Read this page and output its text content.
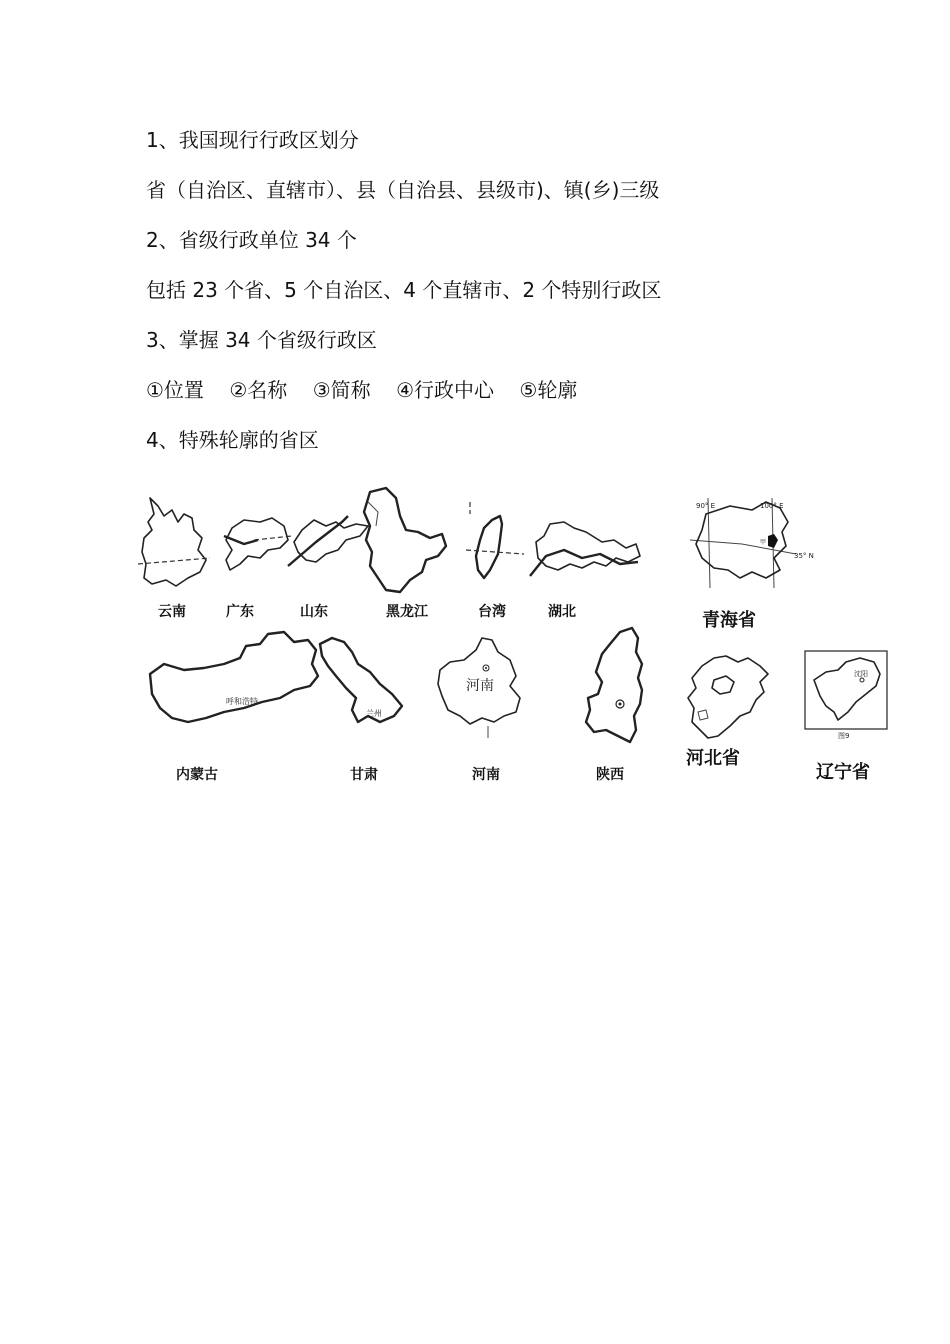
1、我国现行行政区划分
省（自治区、直辖市）、县（自治县、县级市)、镇(乡)三级
2、省级行政单位 34 个
包括 23 个省、5 个自治区、4 个直辖市、2 个特别行政区
3、掌握 34 个省级行政区
①位置    ②名称    ③简称    ④行政中心    ⑤轮廓
4、特殊轮廓的省区
云南	广东	山东	黑龙江	台湾	湖北
90° E	100° E
35° N
甲
青海省
呼和浩特
内蒙古
兰州
甘肃
河南
河南	陕西
河北省
沈阳
图9
辽宁省
